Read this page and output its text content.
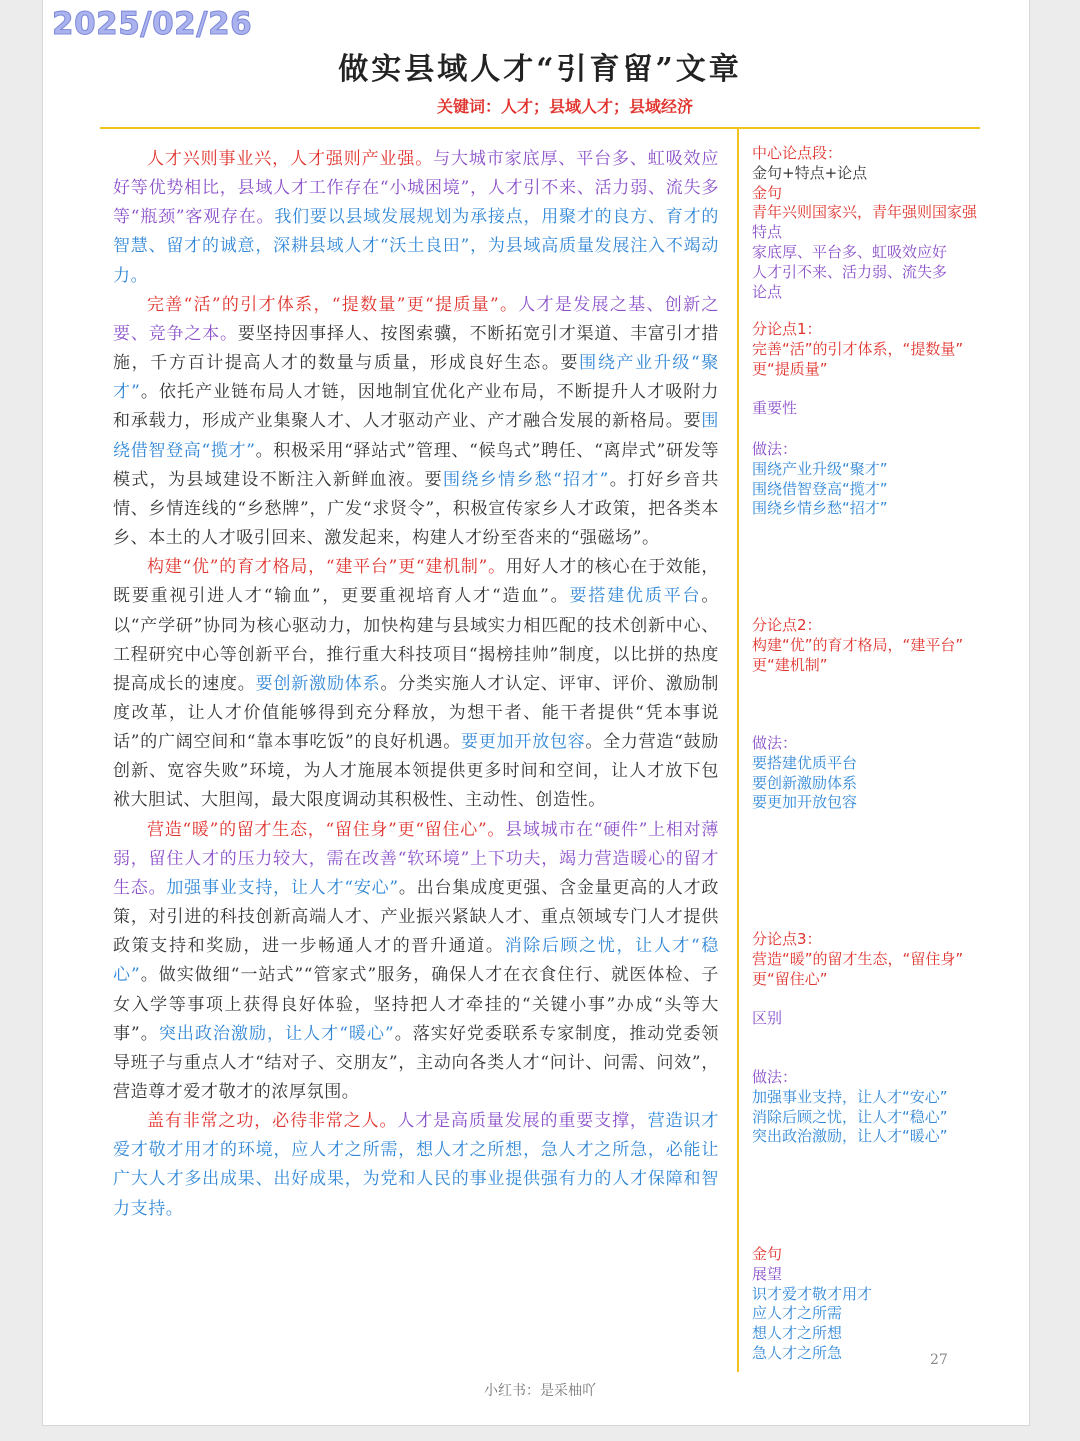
2025/02/26
做实县域人才“引育留”文章
关键词：人才；县域人才；县域经济

人才兴则事业兴，人才强则产业强。与大城市家底厚、平台多、虹吸效应好等优势相比，县域人才工作存在“小城困境”，人才引不来、活力弱、流失多等“瓶颈”客观存在。我们要以县域发展规划为承接点，用聚才的良方、育才的智慧、留才的诚意，深耕县域人才“沃土良田”，为县域高质量发展注入不竭动力。

完善“活”的引才体系，“提数量”更“提质量”。人才是发展之基、创新之要、竞争之本。要坚持因事择人、按图索骥，不断拓宽引才渠道、丰富引才措施，千方百计提高人才的数量与质量，形成良好生态。要围绕产业升级“聚才”。依托产业链布局人才链，因地制宜优化产业布局，不断提升人才吸附力和承载力，形成产业集聚人才、人才驱动产业、产才融合发展的新格局。要围绕借智登高“揽才”。积极采用“驿站式”管理、“候鸟式”聘任、“离岸式”研发等模式，为县域建设不断注入新鲜血液。要围绕乡情乡愁“招才”。打好乡音共情、乡情连线的“乡愁牌”，广发“求贤令”，积极宣传家乡人才政策，把各类本乡、本土的人才吸引回来、激发起来，构建人才纷至沓来的“强磁场”。

构建“优”的育才格局，“建平台”更“建机制”。用好人才的核心在于效能，既要重视引进人才“输血”，更要重视培育人才“造血”。要搭建优质平台。以“产学研”协同为核心驱动力，加快构建与县域实力相匹配的技术创新中心、工程研究中心等创新平台，推行重大科技项目“揭榜挂帅”制度，以比拼的热度提高成长的速度。要创新激励体系。分类实施人才认定、评审、评价、激励制度改革，让人才价值能够得到充分释放，为想干者、能干者提供“凭本事说话”的广阔空间和“靠本事吃饭”的良好机遇。要更加开放包容。全力营造“鼓励创新、宽容失败”环境，为人才施展本领提供更多时间和空间，让人才放下包袱大胆试、大胆闯，最大限度调动其积极性、主动性、创造性。

营造“暖”的留才生态，“留住身”更“留住心”。县域城市在“硬件”上相对薄弱，留住人才的压力较大，需在改善“软环境”上下功夫，竭力营造暖心的留才生态。加强事业支持，让人才“安心”。出台集成度更强、含金量更高的人才政策，对引进的科技创新高端人才、产业振兴紧缺人才、重点领域专门人才提供政策支持和奖励，进一步畅通人才的晋升通道。消除后顾之忧，让人才“稳心”。做实做细“一站式”“管家式”服务，确保人才在衣食住行、就医体检、子女入学等事项上获得良好体验，坚持把人才牵挂的“关键小事”办成“头等大事”。突出政治激励，让人才“暖心”。落实好党委联系专家制度，推动党委领导班子与重点人才“结对子、交朋友”，主动向各类人才“问计、问需、问效”，营造尊才爱才敬才的浓厚氛围。

盖有非常之功，必待非常之人。人才是高质量发展的重要支撑，营造识才爱才敬才用才的环境，应人才之所需，想人才之所想，急人才之所急，必能让广大人才多出成果、出好成果，为党和人民的事业提供强有力的人才保障和智力支持。

中心论点段：
金句+特点+论点
金句
青年兴则国家兴，青年强则国家强
特点
家底厚、平台多、虹吸效应好
人才引不来、活力弱、流失多
论点
分论点1：
完善“活”的引才体系，“提数量”
更“提质量”

重要性
做法：
围绕产业升级“聚才”
围绕借智登高“揽才”
围绕乡情乡愁“招才”
分论点2：
构建“优”的育才格局，“建平台”
更“建机制”
做法：
要搭建优质平台
要创新激励体系
要更加开放包容
分论点3：
营造“暖”的留才生态，“留住身”
更“留住心”

区别
做法：
加强事业支持，让人才“安心”
消除后顾之忧，让人才“稳心”
突出政治激励，让人才“暖心”
金句
展望
识才爱才敬才用才
应人才之所需
想人才之所想
急人才之所急	27
小红书：是采柚吖
